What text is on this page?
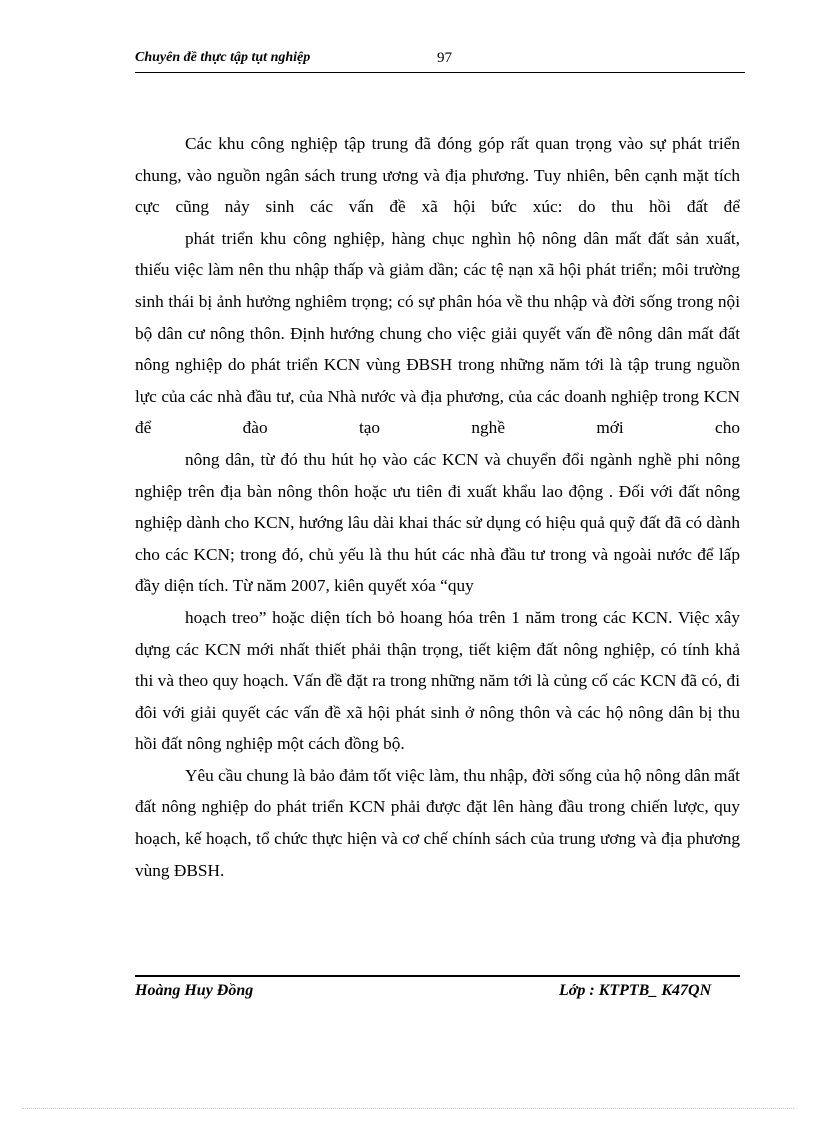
Chuyên đề thực tập tụt nghiệp	97

Các khu công nghiệp tập trung đã đóng góp rất quan trọng vào sự phát triển chung, vào nguồn ngân sách trung ương và địa phương. Tuy nhiên, bên cạnh mặt tích cực cũng nảy sinh các vấn đề xã hội bức xúc: do thu hồi đất để

phát triển khu công nghiệp, hàng chục nghìn hộ nông dân mất đất sản xuất, thiếu việc làm nên thu nhập thấp và giảm dần; các tệ nạn xã hội phát triển; môi trường sinh thái bị ảnh hưởng nghiêm trọng; có sự phân hóa về thu nhập và đời sống trong nội bộ dân cư nông thôn. Định hướng chung cho việc giải quyết vấn đề nông dân mất đất nông nghiệp do phát triển KCN vùng ĐBSH trong những năm tới là tập trung nguồn lực của các nhà đầu tư, của Nhà nước và địa phương, của các doanh nghiệp trong KCN để đào tạo nghề mới cho

nông dân, từ đó thu hút họ vào các KCN và chuyển đổi ngành nghề phi nông nghiệp trên địa bàn nông thôn hoặc ưu tiên đi xuất khẩu lao động . Đối với đất nông nghiệp dành cho KCN, hướng lâu dài khai thác sử dụng có hiệu quả quỹ đất đã có dành cho các KCN; trong đó, chủ yếu là thu hút các nhà đầu tư trong và ngoài nước để lấp đầy diện tích. Từ năm 2007, kiên quyết xóa “quy

hoạch treo” hoặc diện tích bỏ hoang hóa trên 1 năm trong các KCN. Việc xây dựng các KCN mới nhất thiết phải thận trọng, tiết kiệm đất nông nghiệp, có tính khả thi và theo quy hoạch. Vấn đề đặt ra trong những năm tới là củng cố các KCN đã có, đi đôi với giải quyết các vấn đề xã hội phát sinh ở nông thôn và các hộ nông dân bị thu hồi đất nông nghiệp một cách đồng bộ.

Yêu cầu chung là bảo đảm tốt việc làm, thu nhập, đời sống của hộ nông dân mất đất nông nghiệp do phát triển KCN phải được đặt lên hàng đầu trong chiến lược, quy hoạch, kế hoạch, tổ chức thực hiện và cơ chế chính sách của trung ương và địa phương vùng ĐBSH.

Hoàng Huy Đồng	Lớp : KTPTB_ K47QN
